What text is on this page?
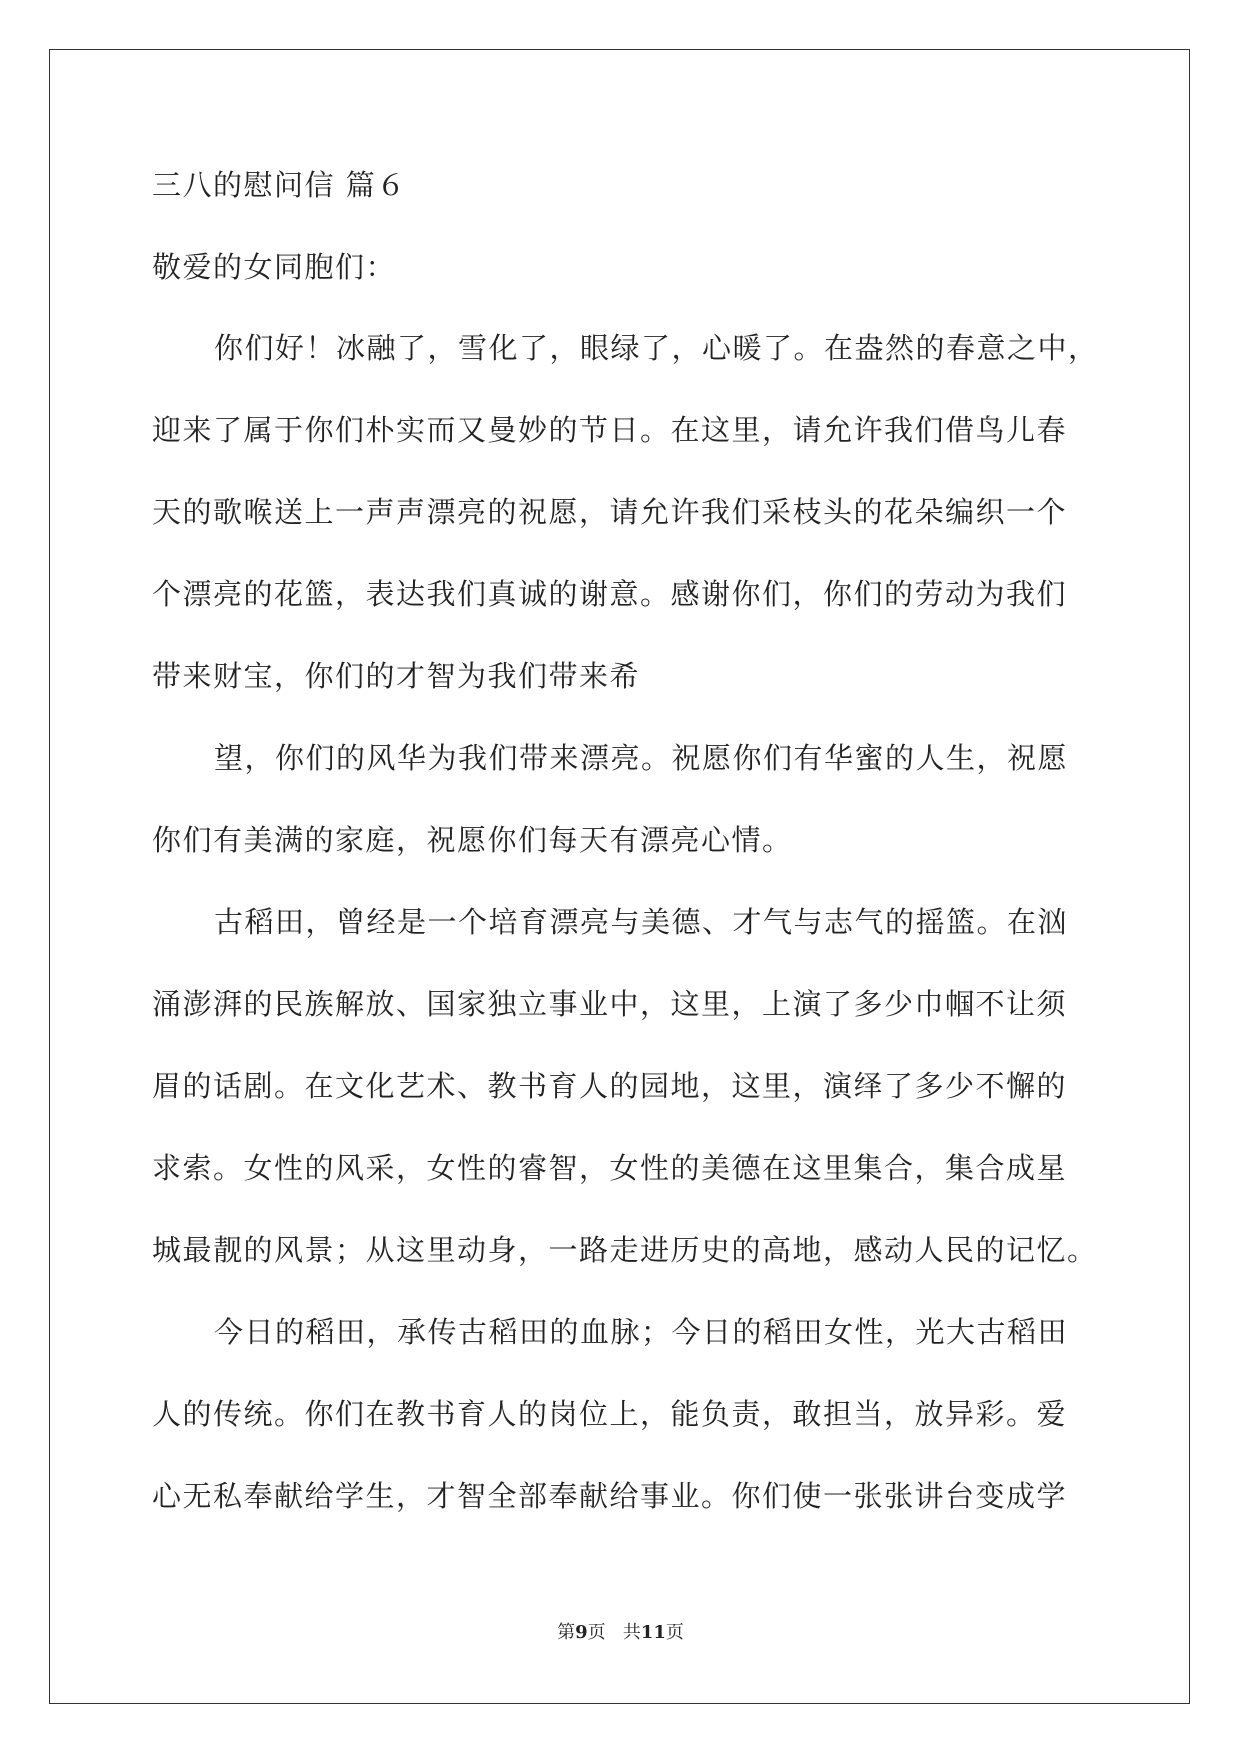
三八的慰问信 篇６
敬爱的女同胞们：
你们好！冰融了，雪化了，眼绿了，心暖了。在盎然的春意之中，
迎来了属于你们朴实而又曼妙的节日。在这里，请允许我们借鸟儿春
天的歌喉送上一声声漂亮的祝愿，请允许我们采枝头的花朵编织一个
个漂亮的花篮，表达我们真诚的谢意。感谢你们，你们的劳动为我们
带来财宝，你们的才智为我们带来希
望，你们的风华为我们带来漂亮。祝愿你们有华蜜的人生，祝愿
你们有美满的家庭，祝愿你们每天有漂亮心情。
古稻田，曾经是一个培育漂亮与美德、才气与志气的摇篮。在汹
涌澎湃的民族解放、国家独立事业中，这里，上演了多少巾帼不让须
眉的话剧。在文化艺术、教书育人的园地，这里，演绎了多少不懈的
求索。女性的风采，女性的睿智，女性的美德在这里集合，集合成星
城最靓的风景；从这里动身，一路走进历史的高地，感动人民的记忆。
今日的稻田，承传古稻田的血脉；今日的稻田女性，光大古稻田
人的传统。你们在教书育人的岗位上，能负责，敢担当，放异彩。爱
心无私奉献给学生，才智全部奉献给事业。你们使一张张讲台变成学
第9页 共11页
